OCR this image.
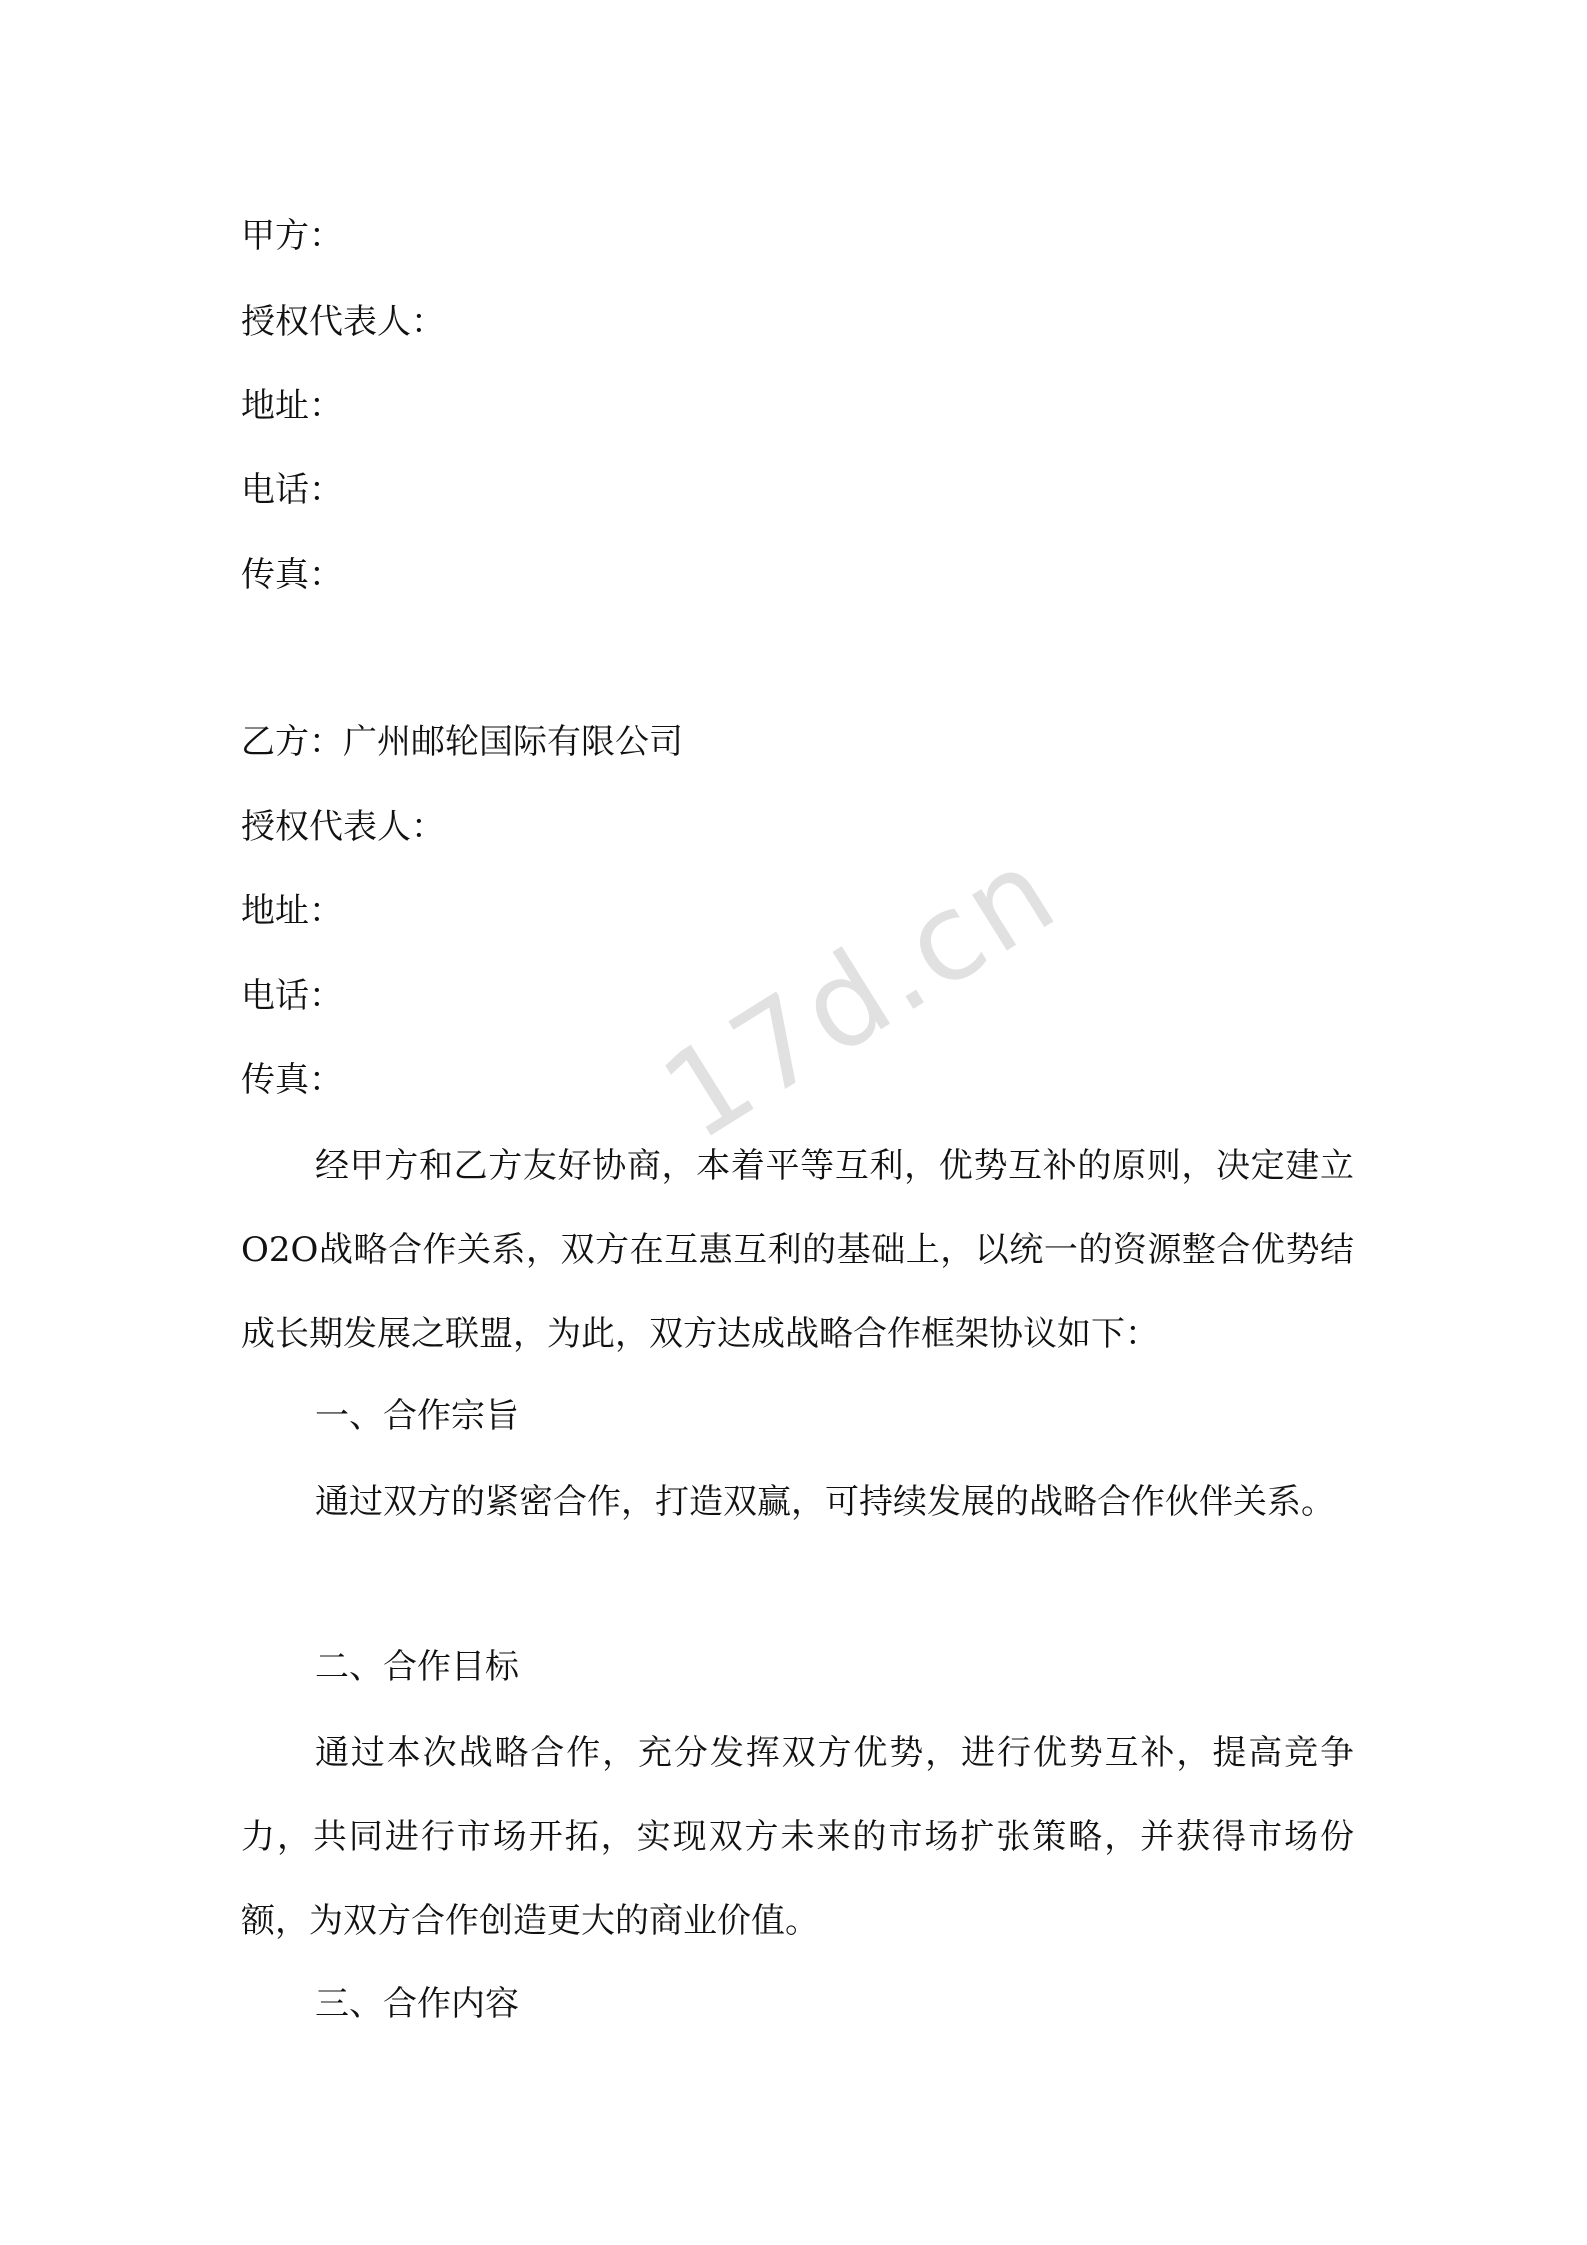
甲方：
授权代表人：
地址：
电话：
传真：
乙方：广州邮轮国际有限公司
授权代表人：
地址：
电话：
传真：
经甲方和乙方友好协商，本着平等互利，优势互补的原则，决定建立O2O战略合作关系，双方在互惠互利的基础上，以统一的资源整合优势结成长期发展之联盟，为此，双方达成战略合作框架协议如下：
一、合作宗旨
通过双方的紧密合作，打造双赢，可持续发展的战略合作伙伴关系。
二、合作目标
通过本次战略合作，充分发挥双方优势，进行优势互补，提高竞争力，共同进行市场开拓，实现双方未来的市场扩张策略，并获得市场份额，为双方合作创造更大的商业价值。
三、合作内容
17d.cn
